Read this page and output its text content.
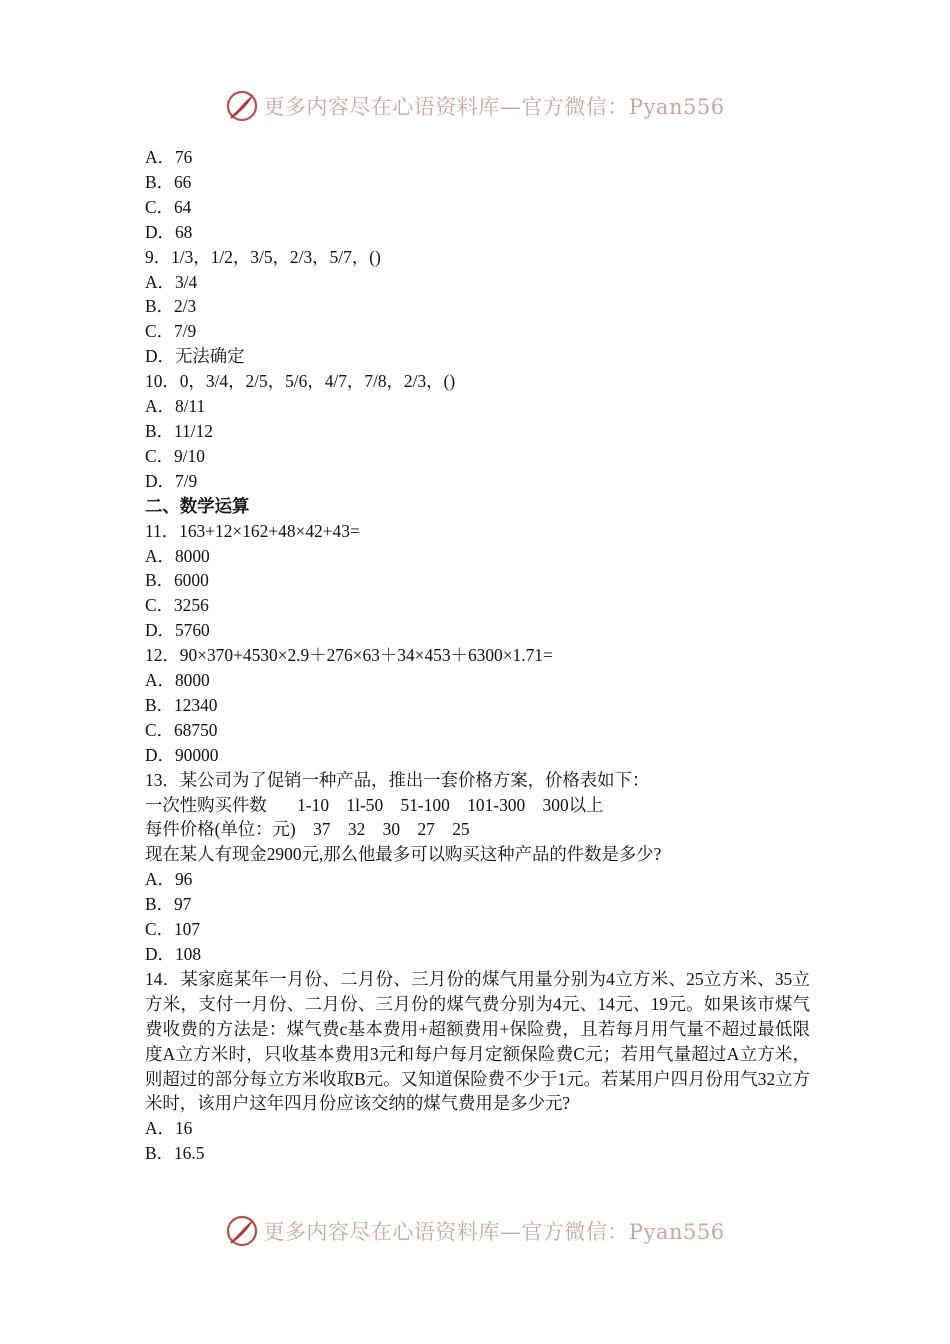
更多内容尽在心语资料库—官方微信：Pyan556

A．76

B．66

C．64

D．68

9．1/3，1/2，3/5，2/3，5/7，()

A．3/4

B．2/3

C．7/9

D．无法确定

10．0，3/4，2/5，5/6，4/7，7/8，2/3，()

A．8/11

B．11/12

C．9/10

D．7/9

二、数学运算

11．163+12×162+48×42+43=

A．8000

B．6000

C．3256

D．5760

12．90×370+4530×2.9＋276×63＋34×453＋6300×1.71=

A．8000

B．12340

C．68750

D．90000

13．某公司为了促销一种产品，推出一套价格方案，价格表如下：

一次性购买件数       1-10    1l-50    51-100    101-300    300以上

每件价格(单位：元)    37    32    30    27    25

现在某人有现金2900元,那么他最多可以购买这种产品的件数是多少?

A．96

B．97

C．107

D．108

14．某家庭某年一月份、二月份、三月份的煤气用量分别为4立方米、25立方米、35立方米，支付一月份、二月份、三月份的煤气费分别为4元、14元、19元。如果该市煤气费收费的方法是：煤气费c基本费用+超额费用+保险费，且若每月用气量不超过最低限度A立方米时，只收基本费用3元和每户每月定额保险费C元；若用气量超过A立方米，则超过的部分每立方米收取B元。又知道保险费不少于1元。若某用户四月份用气32立方米时，该用户这年四月份应该交纳的煤气费用是多少元?

A．16

B．16.5

更多内容尽在心语资料库—官方微信：Pyan556
